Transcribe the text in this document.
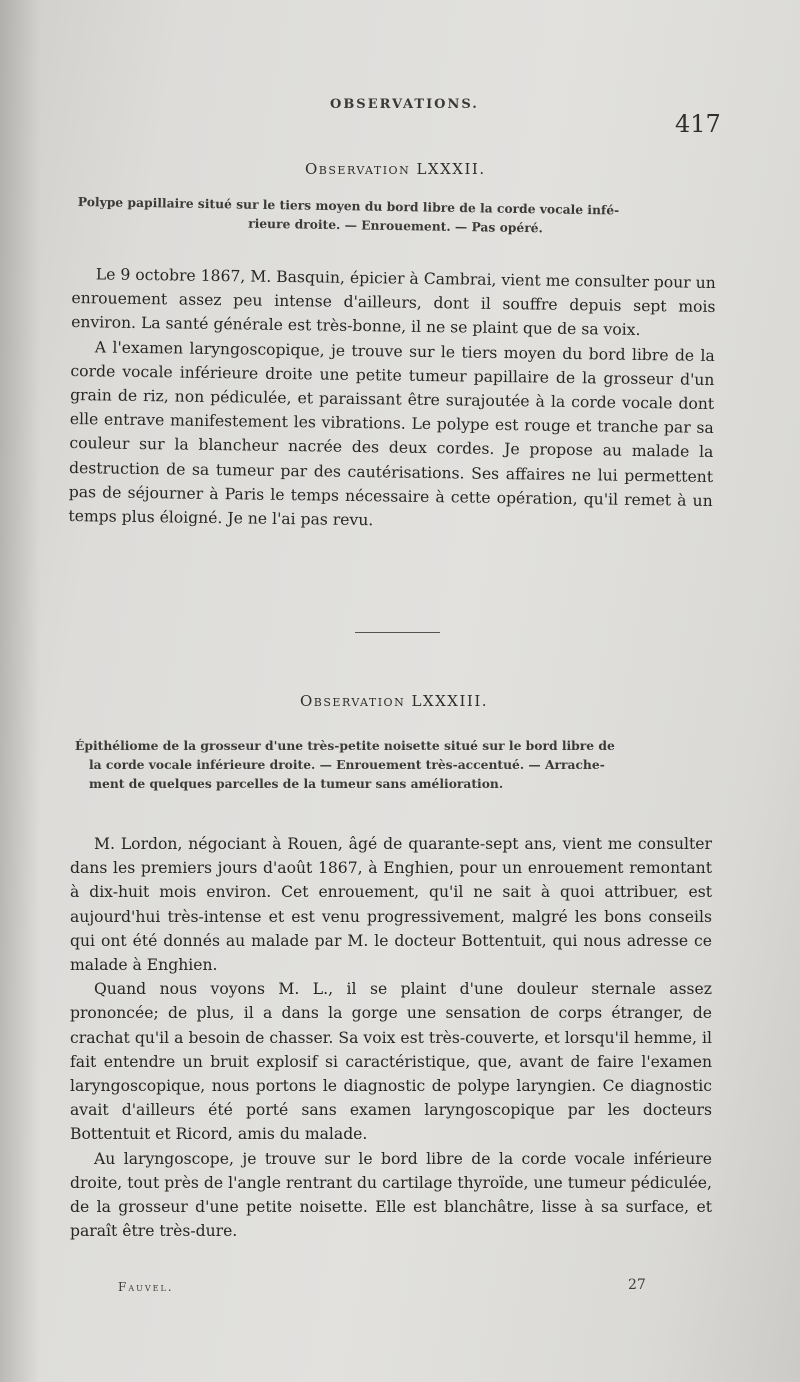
OBSERVATIONS.
417
Observation LXXXII.
Polype papillaire situé sur le tiers moyen du bord libre de la corde vocale infé-
rieure droite. — Enrouement. — Pas opéré.

Le 9 octobre 1867, M. Basquin, épicier à Cambrai, vient me consulter pour un enrouement assez peu intense d'ailleurs, dont il souffre depuis sept mois environ. La santé générale est très-bonne, il ne se plaint que de sa voix.

A l'examen laryngoscopique, je trouve sur le tiers moyen du bord libre de la corde vocale inférieure droite une petite tumeur papillaire de la grosseur d'un grain de riz, non pédiculée, et paraissant être surajoutée à la corde vocale dont elle entrave manifestement les vibrations. Le polype est rouge et tranche par sa couleur sur la blancheur nacrée des deux cordes. Je propose au malade la destruction de sa tumeur par des cautérisations. Ses affaires ne lui permettent pas de séjourner à Paris le temps nécessaire à cette opération, qu'il remet à un temps plus éloigné. Je ne l'ai pas revu.

Observation LXXXIII.
Épithéliome de la grosseur d'une très-petite noisette situé sur le bord libre de
la corde vocale inférieure droite. — Enrouement très-accentué. — Arrache-
ment de quelques parcelles de la tumeur sans amélioration.

M. Lordon, négociant à Rouen, âgé de quarante-sept ans, vient me consulter dans les premiers jours d'août 1867, à Enghien, pour un enrouement remontant à dix-huit mois environ. Cet enrouement, qu'il ne sait à quoi attribuer, est aujourd'hui très-intense et est venu progressivement, malgré les bons conseils qui ont été donnés au malade par M. le docteur Bottentuit, qui nous adresse ce malade à Enghien.

Quand nous voyons M. L., il se plaint d'une douleur sternale assez prononcée; de plus, il a dans la gorge une sensation de corps étranger, de crachat qu'il a besoin de chasser. Sa voix est très-couverte, et lorsqu'il hemme, il fait entendre un bruit explosif si caractéristique, que, avant de faire l'examen laryngoscopique, nous portons le diagnostic de polype laryngien. Ce diagnostic avait d'ailleurs été porté sans examen laryngoscopique par les docteurs Bottentuit et Ricord, amis du malade.

Au laryngoscope, je trouve sur le bord libre de la corde vocale inférieure droite, tout près de l'angle rentrant du cartilage thyroïde, une tumeur pédiculée, de la grosseur d'une petite noisette. Elle est blanchâtre, lisse à sa surface, et paraît être très-dure.

Fauvel.	27
